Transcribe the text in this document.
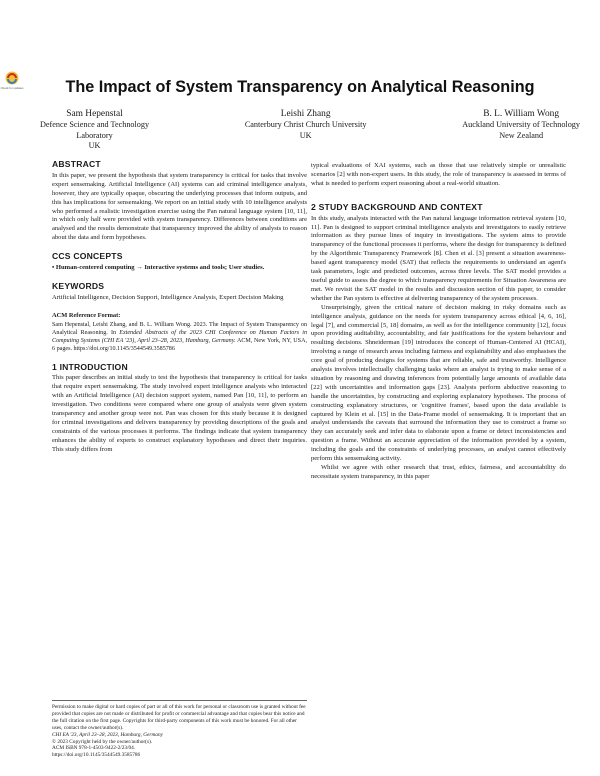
Check for updates	The Impact of System Transparency on Analytical Reasoning
Sam Hepenstal
Defence Science and Technology
Laboratory
UK
Leishi Zhang
Canterbury Christ Church University
UK
B. L. William Wong
Auckland University of Technology
New Zealand
ABSTRACT

In this paper, we present the hypothesis that system transparency is critical for tasks that involve expert sensemaking. Artificial Intelligence (AI) systems can aid criminal intelligence analysts, however, they are typically opaque, obscuring the underlying processes that inform outputs, and this has implications for sensemaking. We report on an initial study with 10 intelligence analysts who performed a realistic investigation exercise using the Pan natural language system [10, 11], in which only half were provided with system transparency. Differences between conditions are analysed and the results demonstrate that transparency improved the ability of analysts to reason about the data and form hypotheses.

CCS CONCEPTS

• Human-centered computing → Interactive systems and tools; User studies.

KEYWORDS

Artificial Intelligence, Decision Support, Intelligence Analysis, Expert Decision Making

ACM Reference Format:

Sam Hepenstal, Leishi Zhang, and B. L. William Wong. 2023. The Impact of System Transparency on Analytical Reasoning. In Extended Abstracts of the 2023 CHI Conference on Human Factors in Computing Systems (CHI EA '23), April 23–28, 2023, Hamburg, Germany. ACM, New York, NY, USA, 6 pages. https://doi.org/10.1145/3544549.3585786

1 INTRODUCTION

This paper describes an initial study to test the hypothesis that transparency is critical for tasks that require expert sensemaking. The study involved expert intelligence analysts who interacted with an Artificial Intelligence (AI) decision support system, named Pan [10, 11], to perform an investigation. Two conditions were compared where one group of analysts were given system transparency and another group were not. Pan was chosen for this study because it is designed for criminal investigations and delivers transparency by providing descriptions of the goals and constraints of the various processes it performs. The findings indicate that system transparency enhances the ability of experts to construct explanatory hypotheses and direct their inquiries. This study differs from

Permission to make digital or hard copies of part or all of this work for personal or classroom use is granted without fee provided that copies are not made or distributed for profit or commercial advantage and that copies bear this notice and the full citation on the first page. Copyrights for third-party components of this work must be honored. For all other uses, contact the owner/author(s).

CHI EA '23, April 23–28, 2023, Hamburg, Germany

© 2023 Copyright held by the owner/author(s).

ACM ISBN 978-1-4503-9422-2/23/04.

https://doi.org/10.1145/3544549.3585786

typical evaluations of XAI systems, such as those that use relatively simple or unrealistic scenarios [2] with non-expert users. In this study, the role of transparency is assessed in terms of what is needed to perform expert reasoning about a real-world situation.

2 STUDY BACKGROUND AND CONTEXT

In this study, analysts interacted with the Pan natural language information retrieval system [10, 11]. Pan is designed to support criminal intelligence analysts and investigators to easily retrieve information as they pursue lines of inquiry in investigations. The system aims to provide transparency of the functional processes it performs, where the design for transparency is defined by the Algorithmic Transparency Framework [8]. Chen et al. [3] present a situation awareness-based agent transparency model (SAT) that reflects the requirements to understand an agent's task parameters, logic and predicted outcomes, across three levels. The SAT model provides a useful guide to assess the degree to which transparency requirements for Situation Awareness are met. We revisit the SAT model in the results and discussion section of this paper, to consider whether the Pan system is effective at delivering transparency of the system processes.

Unsurprisingly, given the critical nature of decision making in risky domains such as intelligence analysis, guidance on the needs for system transparency across ethical [4, 6, 16], legal [7], and commercial [5, 18] domains, as well as for the intelligence community [12], focus upon providing auditability, accountability, and fair justifications for the system behaviour and resulting decisions. Shneiderman [19] introduces the concept of Human-Centered AI (HCAI), involving a range of research areas including fairness and explainability and also emphasises the core goal of producing designs for systems that are reliable, safe and trustworthy. Intelligence analysis involves intellectually challenging tasks where an analyst is trying to make sense of a situation by reasoning and drawing inferences from potentially large amounts of available data [22] with uncertainties and information gaps [23]. Analysts perform abductive reasoning to handle the uncertainties, by constructing and exploring explanatory hypotheses. The process of constructing explanatory structures, or 'cognitive frames', based upon the data available is captured by Klein et al. [15] in the Data-Frame model of sensemaking. It is important that an analyst understands the caveats that surround the information they use to construct a frame so they can accurately seek and infer data to elaborate upon a frame or detect inconsistencies and question a frame. Without an accurate appreciation of the information provided by a system, including the goals and the constraints of underlying processes, an analyst cannot effectively perform this sensemaking activity.

Whilst we agree with other research that trust, ethics, fairness, and accountability do necessitate system transparency, in this paper
